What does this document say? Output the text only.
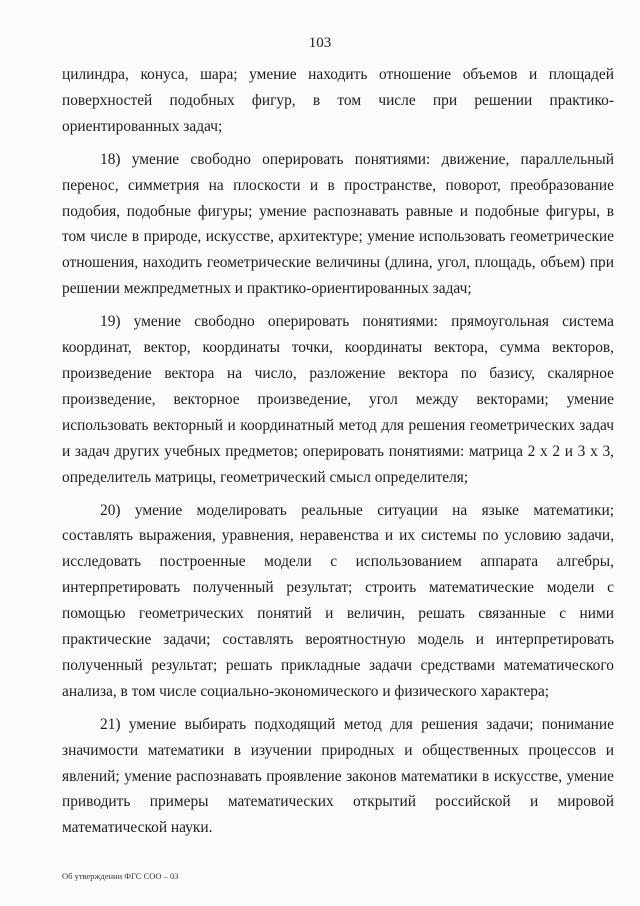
103

цилиндра, конуса, шара; умение находить отношение объемов и площадей поверхностей подобных фигур, в том числе при решении практико-ориентированных задач;

18) умение свободно оперировать понятиями: движение, параллельный перенос, симметрия на плоскости и в пространстве, поворот, преобразование подобия, подобные фигуры; умение распознавать равные и подобные фигуры, в том числе в природе, искусстве, архитектуре; умение использовать геометрические отношения, находить геометрические величины (длина, угол, площадь, объем) при решении межпредметных и практико-ориентированных задач;

19) умение свободно оперировать понятиями: прямоугольная система координат, вектор, координаты точки, координаты вектора, сумма векторов, произведение вектора на число, разложение вектора по базису, скалярное произведение, векторное произведение, угол между векторами; умение использовать векторный и координатный метод для решения геометрических задач и задач других учебных предметов; оперировать понятиями: матрица 2 х 2 и 3 х 3, определитель матрицы, геометрический смысл определителя;

20) умение моделировать реальные ситуации на языке математики; составлять выражения, уравнения, неравенства и их системы по условию задачи, исследовать построенные модели с использованием аппарата алгебры, интерпретировать полученный результат; строить математические модели с помощью геометрических понятий и величин, решать связанные с ними практические задачи; составлять вероятностную модель и интерпретировать полученный результат; решать прикладные задачи средствами математического анализа, в том числе социально-экономического и физического характера;

21) умение выбирать подходящий метод для решения задачи; понимание значимости математики в изучении природных и общественных процессов и явлений; умение распознавать проявление законов математики в искусстве, умение приводить примеры математических открытий российской и мировой математической науки.

Об утверждении ФГС СОО – 03
